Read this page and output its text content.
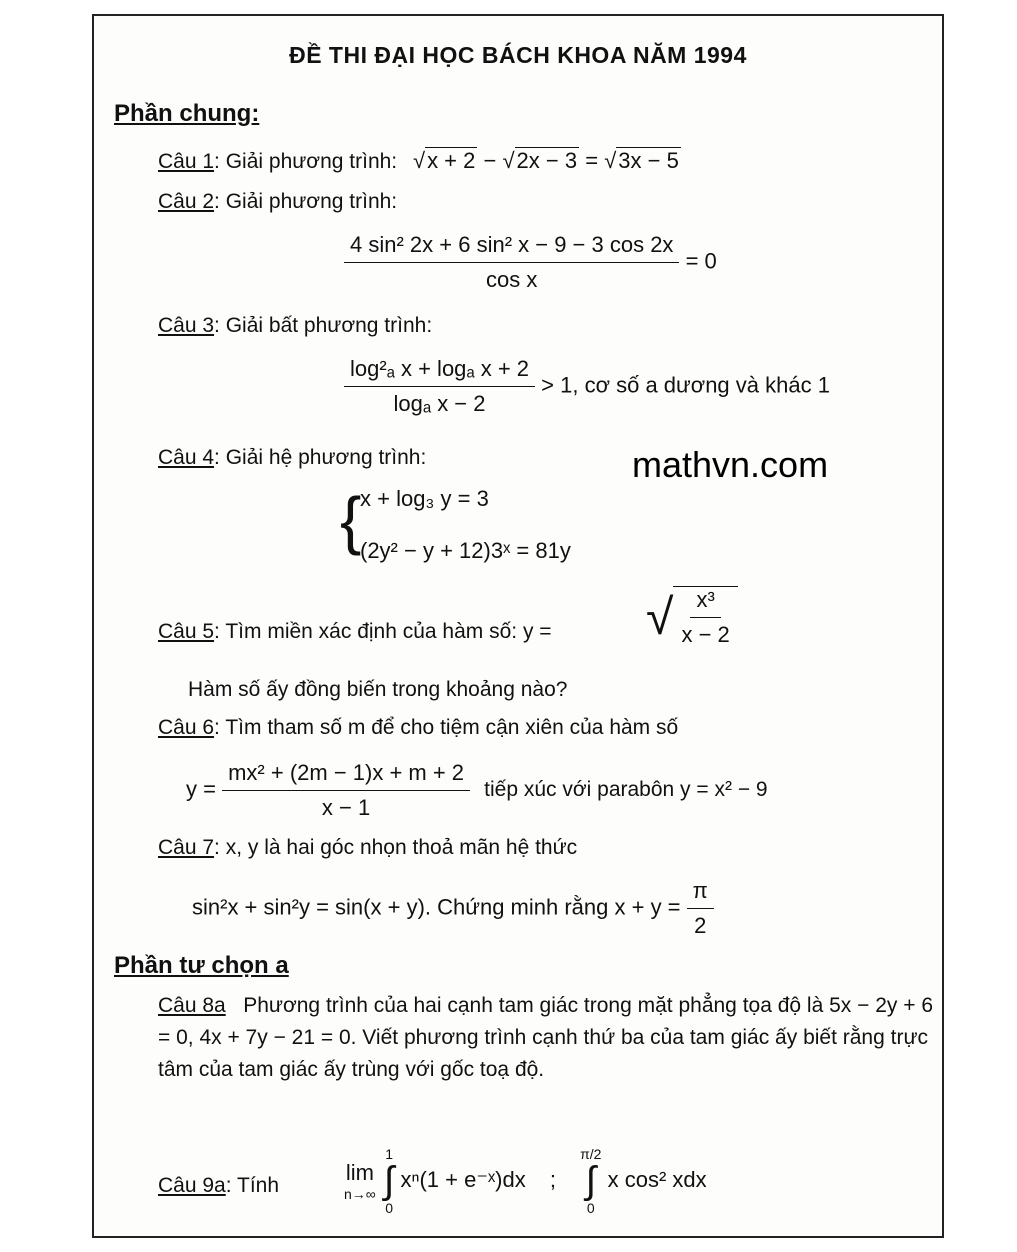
ĐỀ THI ĐẠI HỌC BÁCH KHOA NĂM 1994
Phần chung:
Câu 1: Giải phương trình: √x + 2 − √2x − 3 = √3x − 5
Câu 2: Giải phương trình:
$\frac{\text{4 sin² 2x + 6 sin² x − 9 − 3 cos 2x}}{\text{cos x}} = 0$
Câu 3: Giải bất phương trình:
$\frac{\text{log²ₐ x + logₐ x + 2}}{\text{logₐ x − 2}} > 1$, cơ số a dương và khác 1
Câu 4: Giải hệ phương trình:	mathvn.com
{
x + log₃ y = 3
(2y² − y + 12)3ˣ = 81y
Câu 5: Tìm miền xác định của hàm số: y = √ $\frac{\text{x³}}{x - 2}$
Hàm số ấy đồng biến trong khoảng nào?
Câu 6: Tìm tham số m để cho tiệm cận xiên của hàm số
$y = \frac{\text{mx² + (2m − 1)x + m + 2}}{x - 1}$ tiếp xúc với parabôn y = x² − 9
Câu 7: x, y là hai góc nhọn thoả mãn hệ thức
sin²x + sin²y = sin(x + y). Chứng minh rằng $x + y = \frac{\pi}{2}$
Phần tư chọn a
Câu 8a Phương trình của hai cạnh tam giác trong mặt phẳng tọa độ là 5x − 2y + 6 = 0, 4x + 7y − 21 = 0. Viết phương trình cạnh thứ ba của tam giác ấy biết rằng trực tâm của tam giác ấy trùng với gốc toạ độ.
Câu 9a: Tính
lim
n→∞

1
∫
0
xⁿ(1 + e⁻ˣ)dx ;
π/2
∫
0
x cos² xdx
